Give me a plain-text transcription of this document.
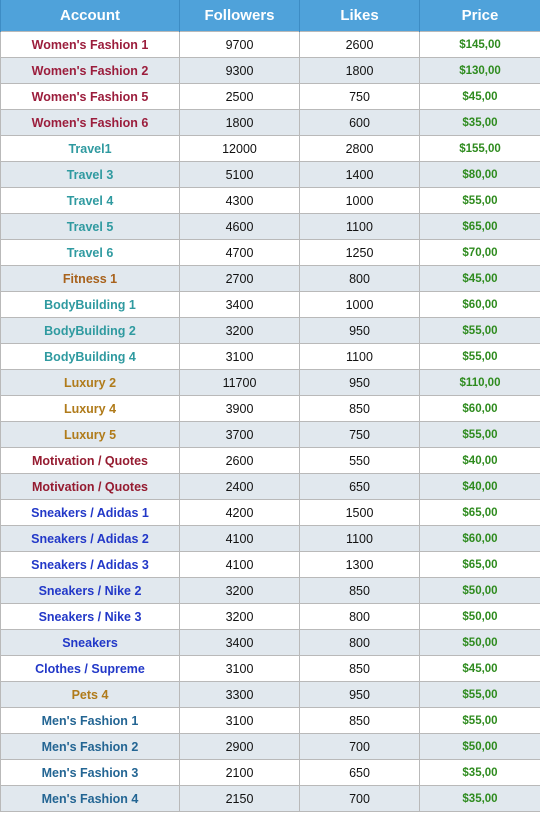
Account	Followers	Likes	Price
Women's Fashion 1	9700	2600	$145,00
Women's Fashion 2	9300	1800	$130,00
Women's Fashion 5	2500	750	$45,00
Women's Fashion 6	1800	600	$35,00
Travel1	12000	2800	$155,00
Travel 3	5100	1400	$80,00
Travel 4	4300	1000	$55,00
Travel 5	4600	1100	$65,00
Travel 6	4700	1250	$70,00
Fitness 1	2700	800	$45,00
BodyBuilding 1	3400	1000	$60,00
BodyBuilding 2	3200	950	$55,00
BodyBuilding 4	3100	1100	$55,00
Luxury 2	11700	950	$110,00
Luxury 4	3900	850	$60,00
Luxury 5	3700	750	$55,00
Motivation / Quotes	2600	550	$40,00
Motivation / Quotes	2400	650	$40,00
Sneakers / Adidas 1	4200	1500	$65,00
Sneakers / Adidas 2	4100	1100	$60,00
Sneakers / Adidas 3	4100	1300	$65,00
Sneakers / Nike 2	3200	850	$50,00
Sneakers / Nike 3	3200	800	$50,00
Sneakers	3400	800	$50,00
Clothes / Supreme	3100	850	$45,00
Pets 4	3300	950	$55,00
Men's Fashion 1	3100	850	$55,00
Men's Fashion 2	2900	700	$50,00
Men's Fashion 3	2100	650	$35,00
Men's Fashion 4	2150	700	$35,00
